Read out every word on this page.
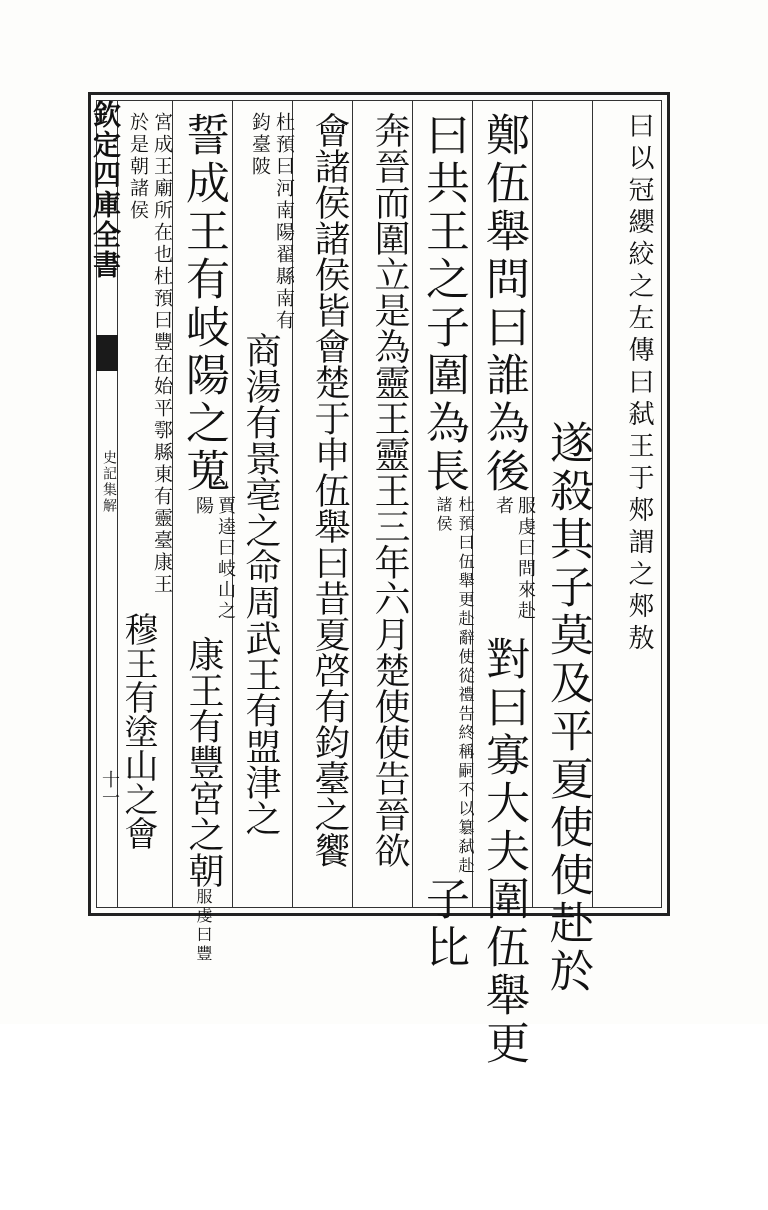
欽定四庫全書
史記集解
十一
曰以冠纓絞之左傳曰弑王于郟謂之郟敖
遂殺其子莫及平夏使使赴於
鄭伍舉問曰誰為後服虔曰問來赴者對曰寡大夫圍伍舉更
曰共王之子圍為長杜預曰伍舉更赴辭使從禮告終稱嗣不以簒弑赴諸侯子比
奔晉而圍立是為靈王靈王三年六月楚使使告晉欲
會諸侯諸侯皆會楚于申伍舉曰昔夏啓有鈞臺之饗
杜預曰河南陽翟縣南有鈞臺陂商湯有景亳之命周武王有盟津之
誓成王有岐陽之蒐賈逵曰岐山之陽康王有豐宮之朝服虔曰豐
宮成王廟所在也杜預曰豐在始平鄠縣東有靈臺康王於是朝諸侯穆王有塗山之會
